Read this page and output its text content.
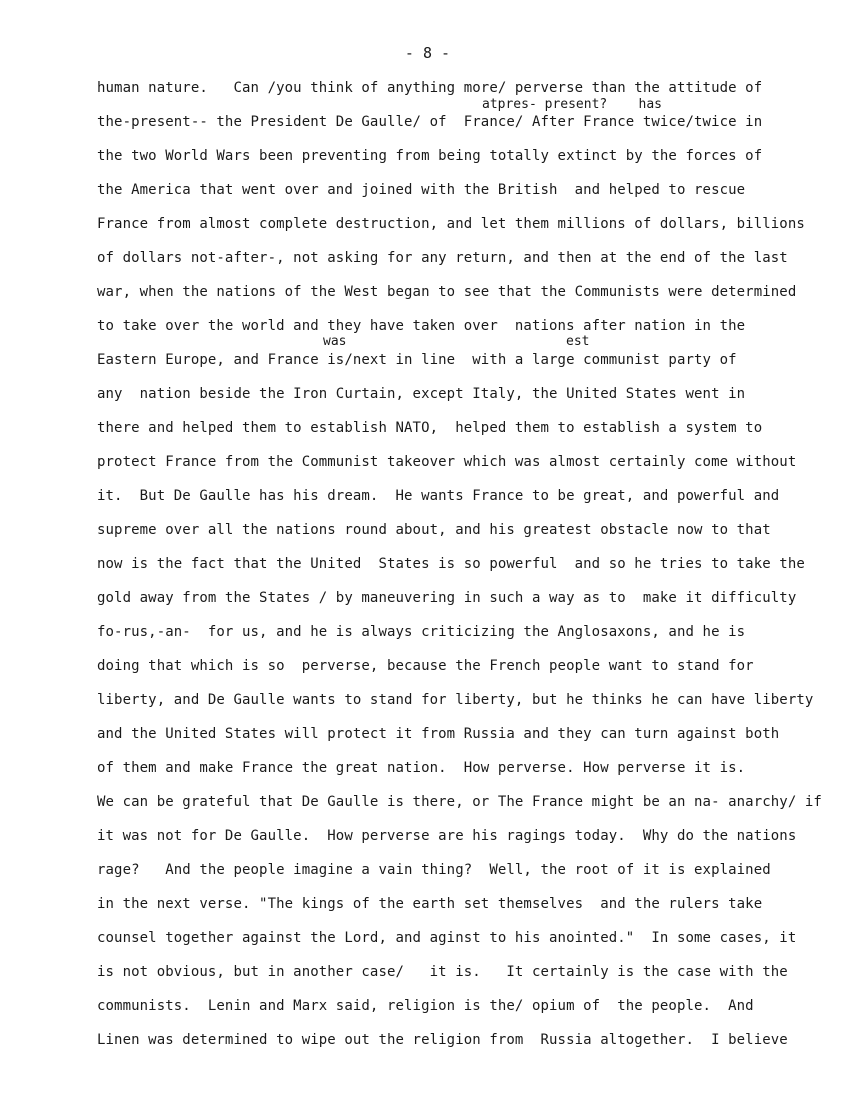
- 8 -
atpres- present?    has
was	est
human nature.   Can /you think of anything more/ perverse than the attitude of
the-present-- the President De Gaulle/ of  France/ After France twice/twice in
the two World Wars been preventing from being totally extinct by the forces of
the America that went over and joined with the British  and helped to rescue
France from almost complete destruction, and let them millions of dollars, billions
of dollars not-after-, not asking for any return, and then at the end of the last
war, when the nations of the West began to see that the Communists were determined
to take over the world and they have taken over  nations after nation in the
Eastern Europe, and France is/next in line  with a large communist party of
any  nation beside the Iron Curtain, except Italy, the United States went in
there and helped them to establish NATO,  helped them to establish a system to
protect France from the Communist takeover which was almost certainly come without
it.  But De Gaulle has his dream.  He wants France to be great, and powerful and
supreme over all the nations round about, and his greatest obstacle now to that
now is the fact that the United  States is so powerful  and so he tries to take the
gold away from the States / by maneuvering in such a way as to  make it difficulty
fo-rus,-an-  for us, and he is always criticizing the Anglosaxons, and he is
doing that which is so  perverse, because the French people want to stand for
liberty, and De Gaulle wants to stand for liberty, but he thinks he can have liberty
and the United States will protect it from Russia and they can turn against both
of them and make France the great nation.  How perverse. How perverse it is.
We can be grateful that De Gaulle is there, or The France might be an na- anarchy/ if
it was not for De Gaulle.  How perverse are his ragings today.  Why do the nations
rage?   And the people imagine a vain thing?  Well, the root of it is explained
in the next verse. "The kings of the earth set themselves  and the rulers take
counsel together against the Lord, and aginst to his anointed."  In some cases, it
is not obvious, but in another case/   it is.   It certainly is the case with the
communists.  Lenin and Marx said, religion is the/ opium of  the people.  And
Linen was determined to wipe out the religion from  Russia altogether.  I believe
